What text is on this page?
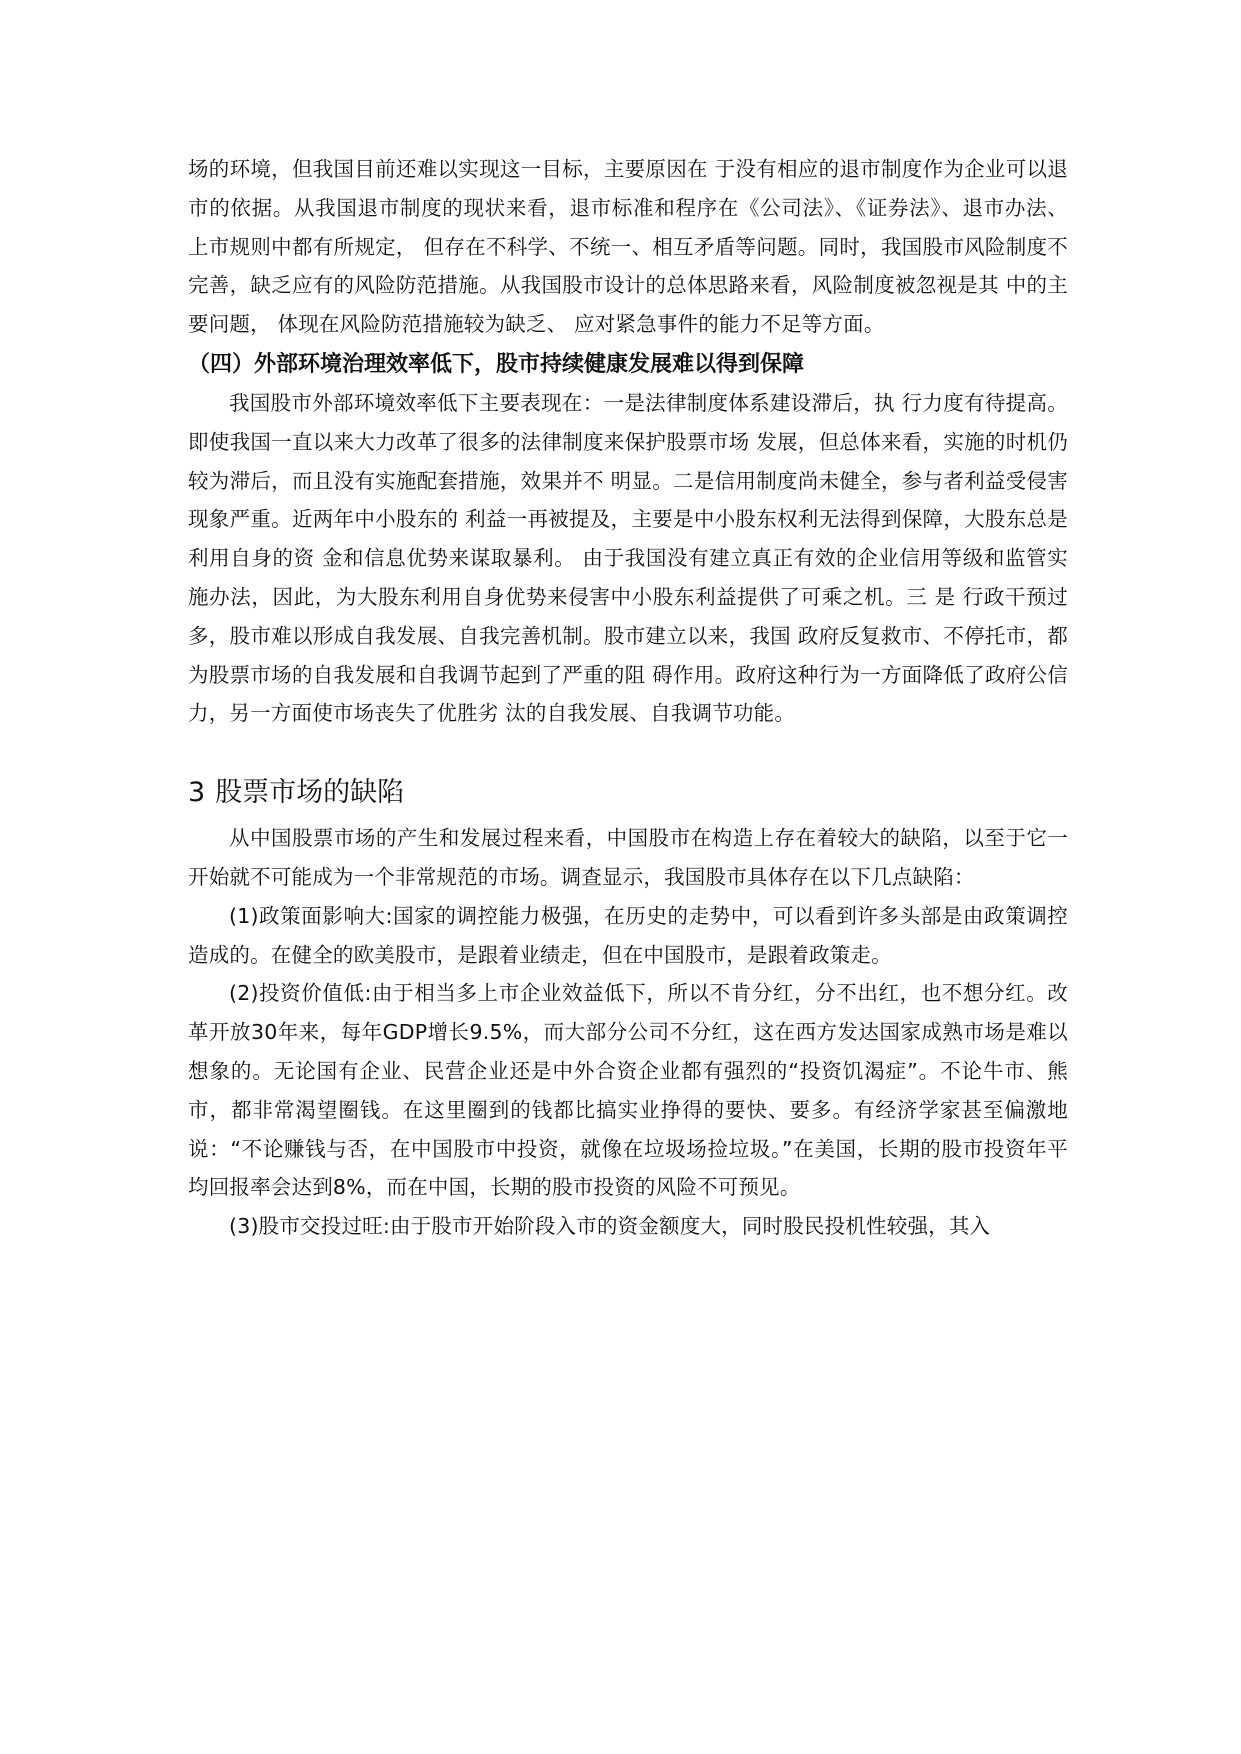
场的环境，但我国目前还难以实现这一目标，主要原因在 于没有相应的退市制度作为企业可以退市的依据。从我国退市制度的现状来看，退市标准和程序在《公司法》、《证券法》、退市办法、上市规则中都有所规定， 但存在不科学、不统一、相互矛盾等问题。同时，我国股市风险制度不完善，缺乏应有的风险防范措施。从我国股市设计的总体思路来看，风险制度被忽视是其 中的主要问题， 体现在风险防范措施较为缺乏、 应对紧急事件的能力不足等方面。

（四）外部环境治理效率低下，股市持续健康发展难以得到保障

我国股市外部环境效率低下主要表现在：一是法律制度体系建设滞后，执 行力度有待提高。 即使我国一直以来大力改革了很多的法律制度来保护股票市场 发展，但总体来看，实施的时机仍较为滞后，而且没有实施配套措施，效果并不 明显。二是信用制度尚未健全，参与者利益受侵害现象严重。近两年中小股东的 利益一再被提及，主要是中小股东权利无法得到保障，大股东总是利用自身的资 金和信息优势来谋取暴利。 由于我国没有建立真正有效的企业信用等级和监管实 施办法，因此，为大股东利用自身优势来侵害中小股东利益提供了可乘之机。三 是 行政干预过多，股市难以形成自我发展、自我完善机制。股市建立以来，我国 政府反复救市、不停托市，都为股票市场的自我发展和自我调节起到了严重的阻 碍作用。政府这种行为一方面降低了政府公信力，另一方面使市场丧失了优胜劣 汰的自我发展、自我调节功能。

3 股票市场的缺陷

从中国股票市场的产生和发展过程来看，中国股市在构造上存在着较大的缺陷，以至于它一开始就不可能成为一个非常规范的市场。调查显示，我国股市具体存在以下几点缺陷：

(1)政策面影响大:国家的调控能力极强，在历史的走势中，可以看到许多头部是由政策调控造成的。在健全的欧美股市，是跟着业绩走，但在中国股市，是跟着政策走。

(2)投资价值低:由于相当多上市企业效益低下，所以不肯分红，分不出红，也不想分红。改革开放30年来，每年GDP增长9.5%，而大部分公司不分红，这在西方发达国家成熟市场是难以想象的。无论国有企业、民营企业还是中外合资企业都有强烈的“投资饥渴症”。不论牛市、熊市，都非常渴望圈钱。在这里圈到的钱都比搞实业挣得的要快、要多。有经济学家甚至偏激地说：“不论赚钱与否，在中国股市中投资，就像在垃圾场捡垃圾。”在美国，长期的股市投资年平均回报率会达到8%，而在中国，长期的股市投资的风险不可预见。

(3)股市交投过旺:由于股市开始阶段入市的资金额度大，同时股民投机性较强，其入
